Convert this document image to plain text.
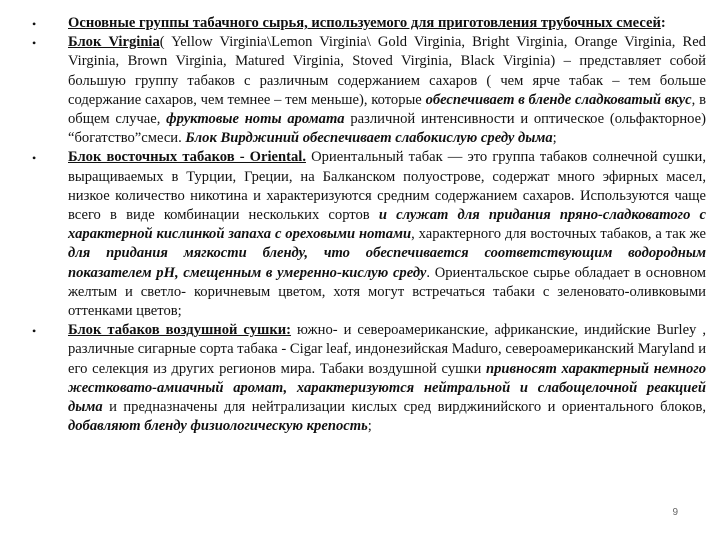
• Основные группы табачного сырья, используемого для приготовления трубочных смесей:
• Блок Virginia( Yellow Virginia\Lemon Virginia\ Gold Virginia, Bright Virginia, Orange Virginia, Red Virginia, Brown Virginia, Matured Virginia, Stoved Virginia, Black Virginia) – представляет собой большую группу табаков с различным содержанием сахаров ( чем ярче табак – тем больше содержание сахаров, чем темнее – тем меньше), которые обеспечивает в бленде сладковатый вкус, в общем случае, фруктовые ноты аромата различной интенсивности и оптическое (ольфакторное) “богатство”смеси. Блок Вирджиний обеспечивает слабокислую среду дыма;
• Блок восточных табаков - Oriental. Ориентальный табак — это группа табаков солнечной сушки, выращиваемых в Турции, Греции, на Балканском полуострове, содержат много эфирных масел, низкое количество никотина и характеризуются средним содержанием сахаров. Используются чаще всего в виде комбинации нескольких сортов и служат для придания пряно-сладковатого с характерной кислинкой запаха с ореховыми нотами, характерного для восточных табаков, а так же для придания мягкости бленду, что обеспечивается соответствующим водородным показателем pH, смещенным в умеренно-кислую среду. Ориентальское сырье обладает в основном желтым и светло- коричневым цветом, хотя могут встречаться табаки с зеленовато-оливковыми оттенками цветов;
• Блок табаков воздушной сушки: южно- и североамериканские, африканские, индийские Burley , различные сигарные сорта табака - Cigar leaf, индонезийская Maduro, североамериканский Maryland и его селекция из других регионов мира. Табаки воздушной сушки привносят характерный немного жестковато-амиачный аромат, характеризуются нейтральной и слабощелочной реакцией дыма и предназначены для нейтрализации кислых сред вирджинийского и ориентального блоков, добавляют бленду физиологическую крепость;
9
